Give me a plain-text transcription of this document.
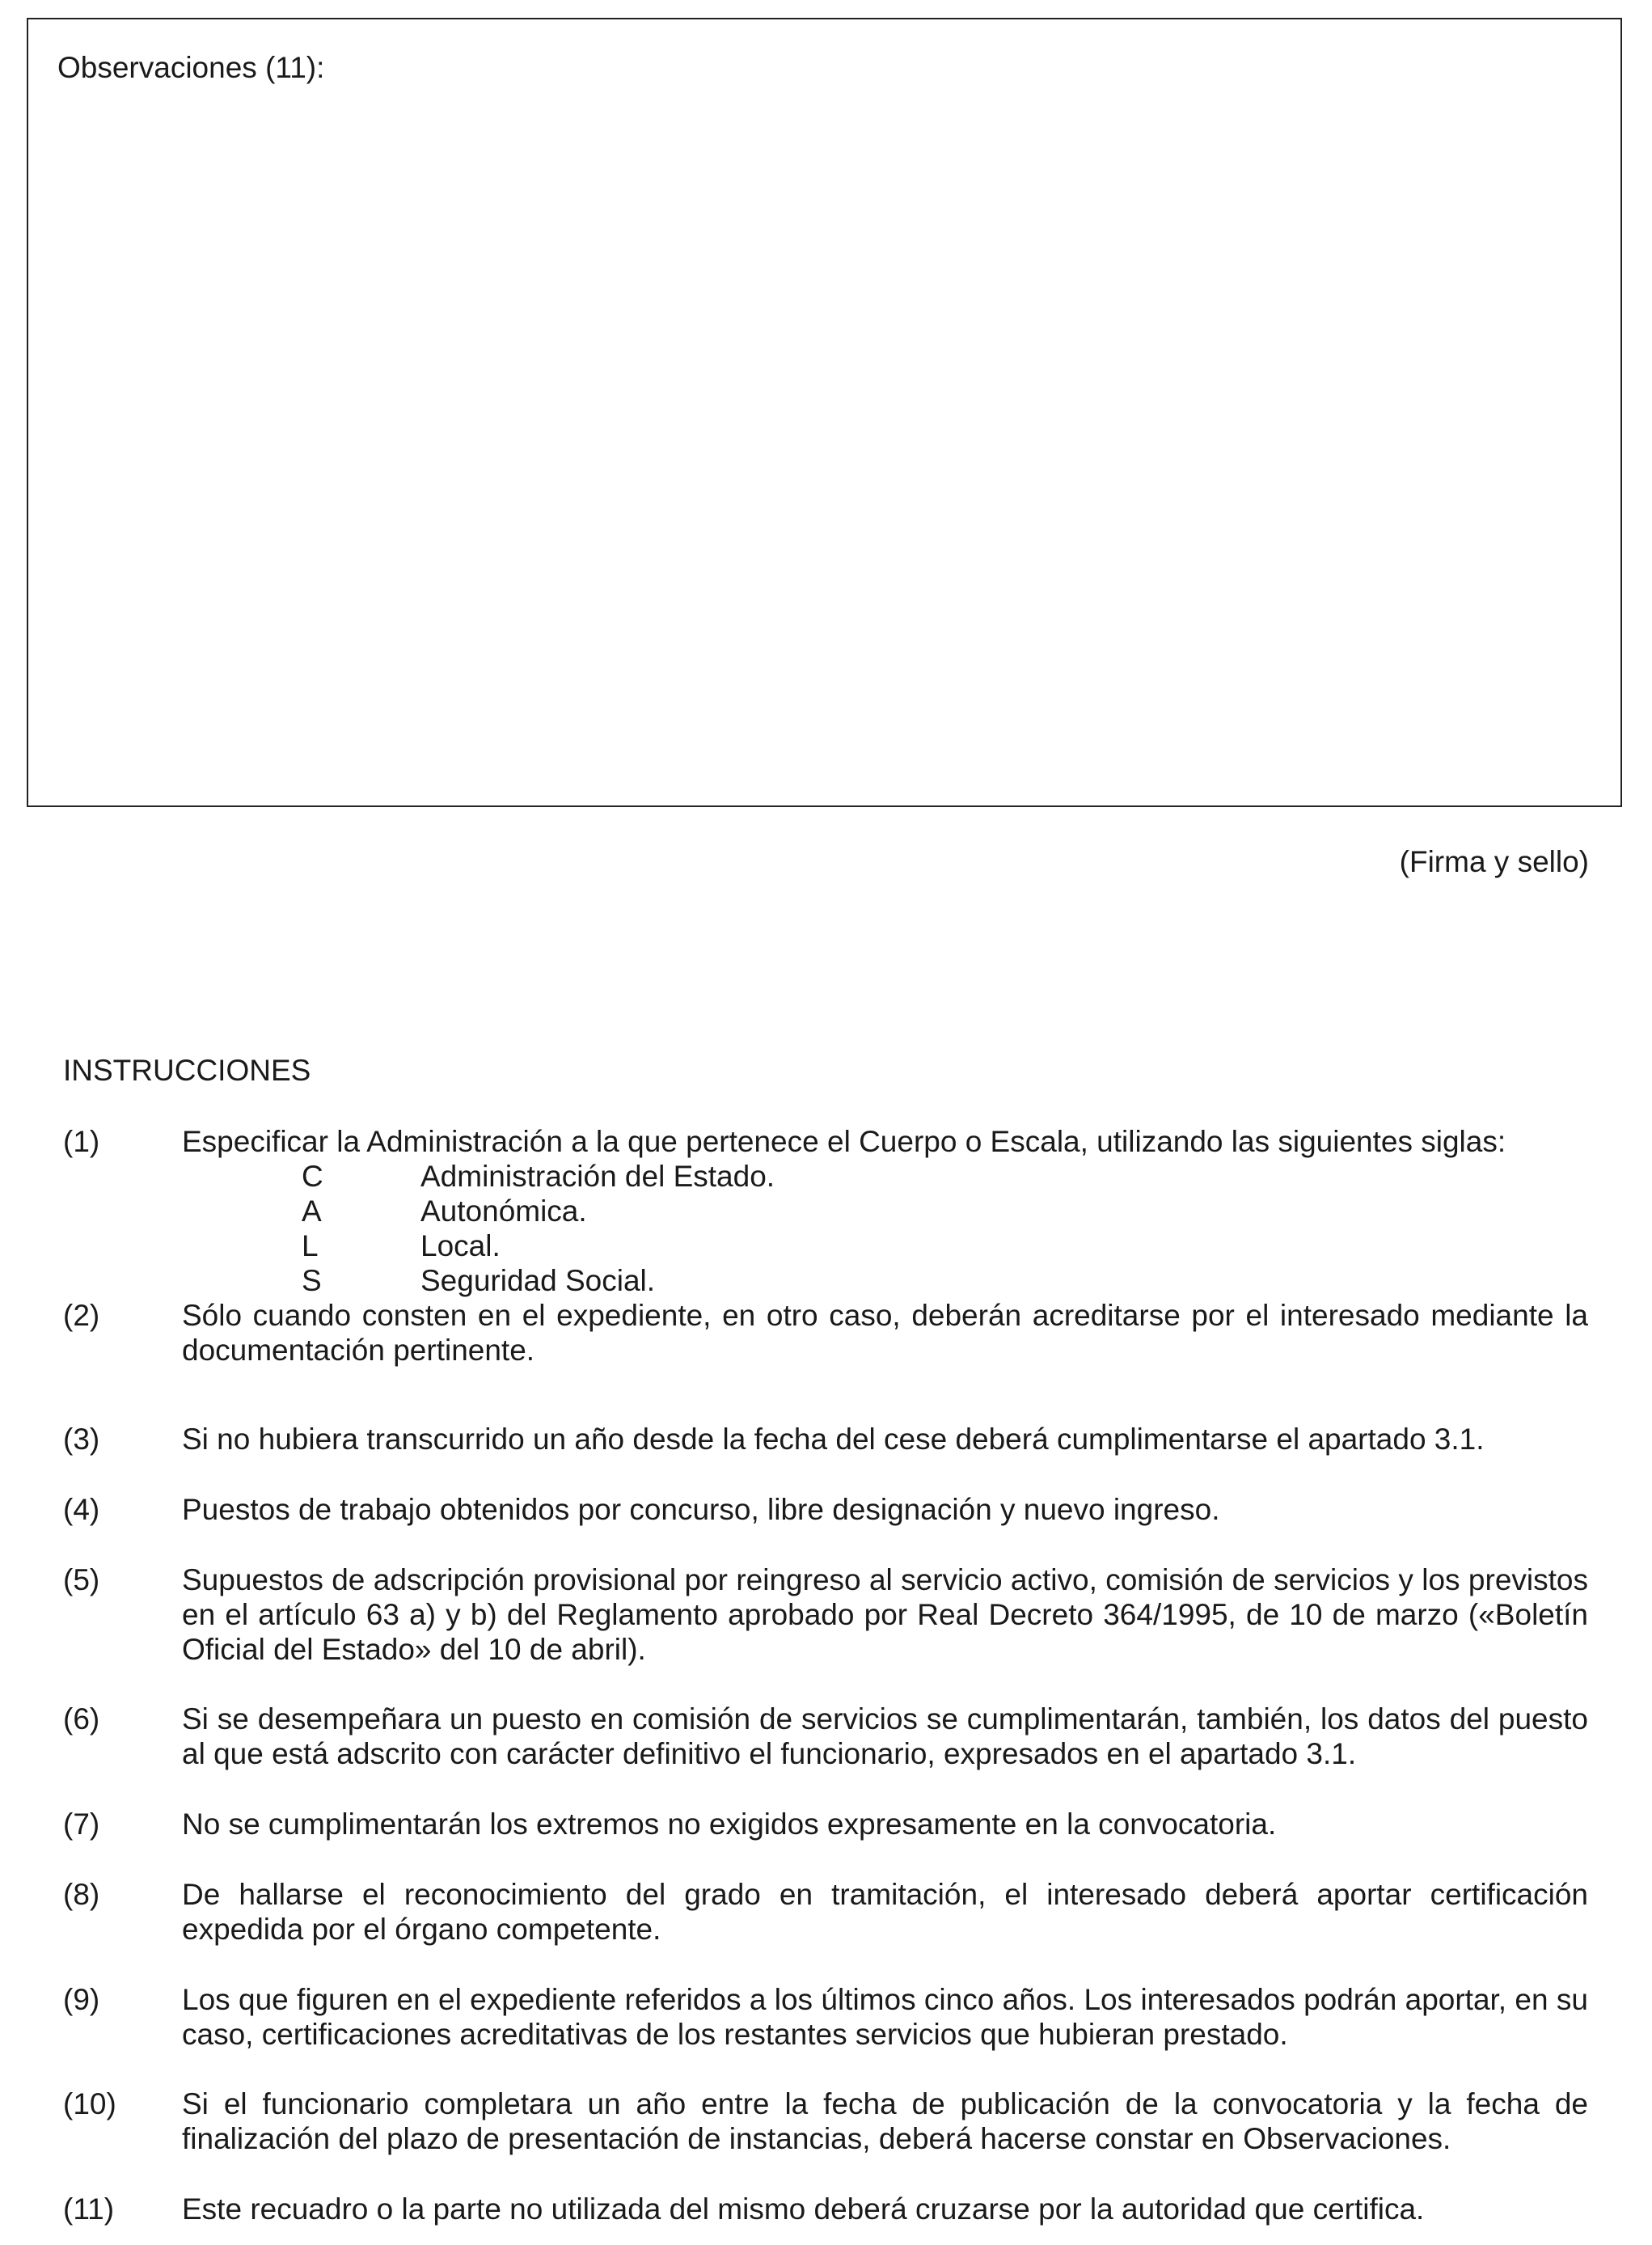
Observaciones (11):
(Firma y sello)
INSTRUCCIONES
(1)	Especificar la Administración a la que pertenece el Cuerpo o Escala, utilizando las siguientes siglas:
C	Administración del Estado.
A	Autonómica.
L	Local.
S	Seguridad Social.
(2)	Sólo cuando consten en el expediente, en otro caso, deberán acreditarse por el interesado mediante la documentación pertinente.
(3)	Si no hubiera transcurrido un año desde la fecha del cese deberá cumplimentarse el apartado 3.1.
(4)	Puestos de trabajo obtenidos por concurso, libre designación y nuevo ingreso.
(5)	Supuestos de adscripción provisional por reingreso al servicio activo, comisión de servicios y los previstos en el artículo 63 a) y b) del Reglamento aprobado por Real Decreto 364/1995, de 10 de marzo («Boletín Oficial del Estado» del 10 de abril).
(6)	Si se desempeñara un puesto en comisión de servicios se cumplimentarán, también, los datos del puesto al que está adscrito con carácter definitivo el funcionario, expresados en el apartado 3.1.
(7)	No se cumplimentarán los extremos no exigidos expresamente en la convocatoria.
(8)	De hallarse el reconocimiento del grado en tramitación, el interesado deberá aportar certificación expedida por el órgano competente.
(9)	Los que figuren en el expediente referidos a los últimos cinco años. Los interesados podrán aportar, en su caso, certificaciones acreditativas de los restantes servicios que hubieran prestado.
(10) Si el funcionario completara un año entre la fecha de publicación de la convocatoria y la fecha de finalización del plazo de presentación de instancias, deberá hacerse constar en Observaciones.
(11) Este recuadro o la parte no utilizada del mismo deberá cruzarse por la autoridad que certifica.
